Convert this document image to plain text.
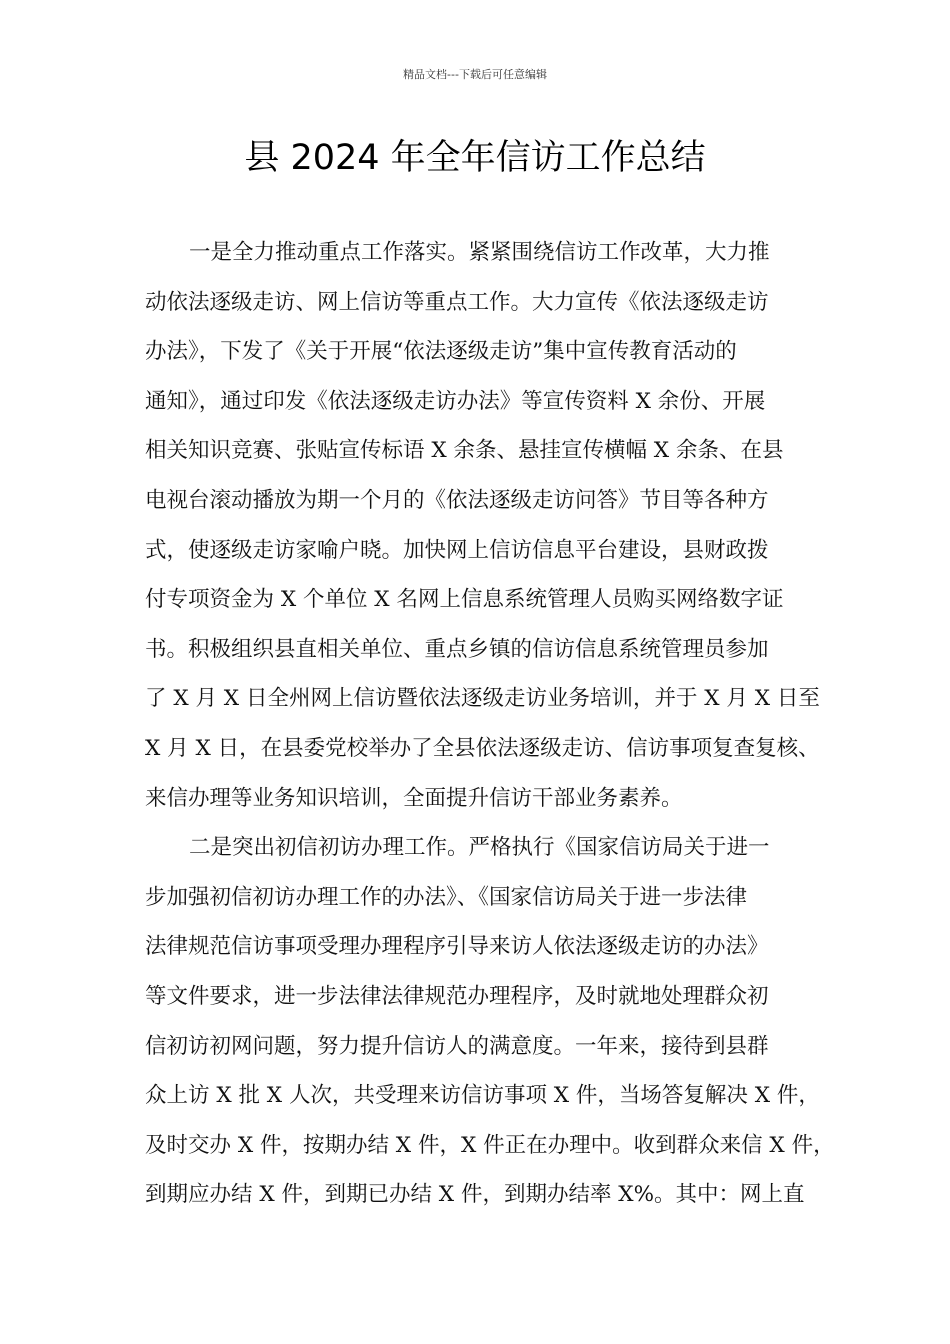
精品文档---下载后可任意编辑
县 2024 年全年信访工作总结
一是全力推动重点工作落实。紧紧围绕信访工作改革，大力推
动依法逐级走访、网上信访等重点工作。大力宣传《依法逐级走访
办法》，下发了《关于开展“依法逐级走访”集中宣传教育活动的
通知》，通过印发《依法逐级走访办法》等宣传资料 X 余份、开展
相关知识竞赛、张贴宣传标语 X 余条、悬挂宣传横幅 X 余条、在县
电视台滚动播放为期一个月的《依法逐级走访问答》节目等各种方
式，使逐级走访家喻户晓。加快网上信访信息平台建设，县财政拨
付专项资金为 X 个单位 X 名网上信息系统管理人员购买网络数字证
书。积极组织县直相关单位、重点乡镇的信访信息系统管理员参加
了 X 月 X 日全州网上信访暨依法逐级走访业务培训，并于 X 月 X 日至
X 月 X 日，在县委党校举办了全县依法逐级走访、信访事项复查复核、
来信办理等业务知识培训，全面提升信访干部业务素养。
二是突出初信初访办理工作。严格执行《国家信访局关于进一
步加强初信初访办理工作的办法》、《国家信访局关于进一步法律
法律规范信访事项受理办理程序引导来访人依法逐级走访的办法》
等文件要求，进一步法律法律规范办理程序，及时就地处理群众初
信初访初网问题，努力提升信访人的满意度。一年来，接待到县群
众上访 X 批 X 人次，共受理来访信访事项 X 件，当场答复解决 X 件，
及时交办 X 件，按期办结 X 件，X 件正在办理中。收到群众来信 X 件，
到期应办结 X 件，到期已办结 X 件，到期办结率 X%。其中：网上直
